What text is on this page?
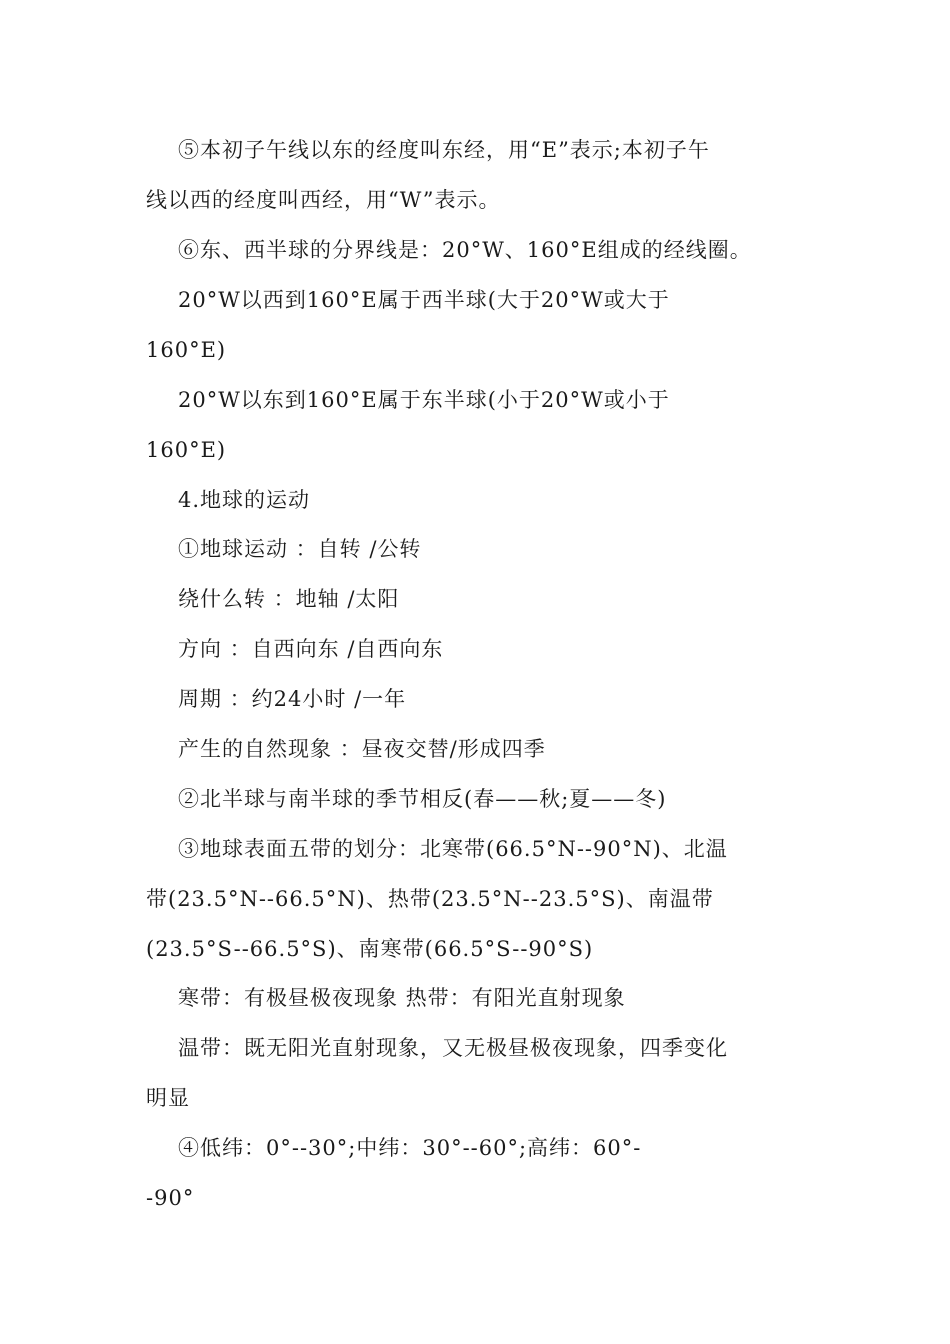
⑤本初子午线以东的经度叫东经，用“E”表示;本初子午
线以西的经度叫西经，用“W”表示。
⑥东、西半球的分界线是：20°W、160°E组成的经线圈。
20°W以西到160°E属于西半球(大于20°W或大于
160°E)
20°W以东到160°E属于东半球(小于20°W或小于
160°E)
4.地球的运动
①地球运动 ：自转 /公转
绕什么转 ：地轴 /太阳
方向 ：自西向东 /自西向东
周期 ：约24小时 /一年
产生的自然现象 ：昼夜交替/形成四季
②北半球与南半球的季节相反(春——秋;夏——冬)
③地球表面五带的划分：北寒带(66.5°N--90°N)、北温
带(23.5°N--66.5°N)、热带(23.5°N--23.5°S)、南温带
(23.5°S--66.5°S)、南寒带(66.5°S--90°S)
寒带：有极昼极夜现象 热带：有阳光直射现象
温带：既无阳光直射现象，又无极昼极夜现象，四季变化
明显
④低纬：0°--30°;中纬：30°--60°;高纬：60°-
-90°
